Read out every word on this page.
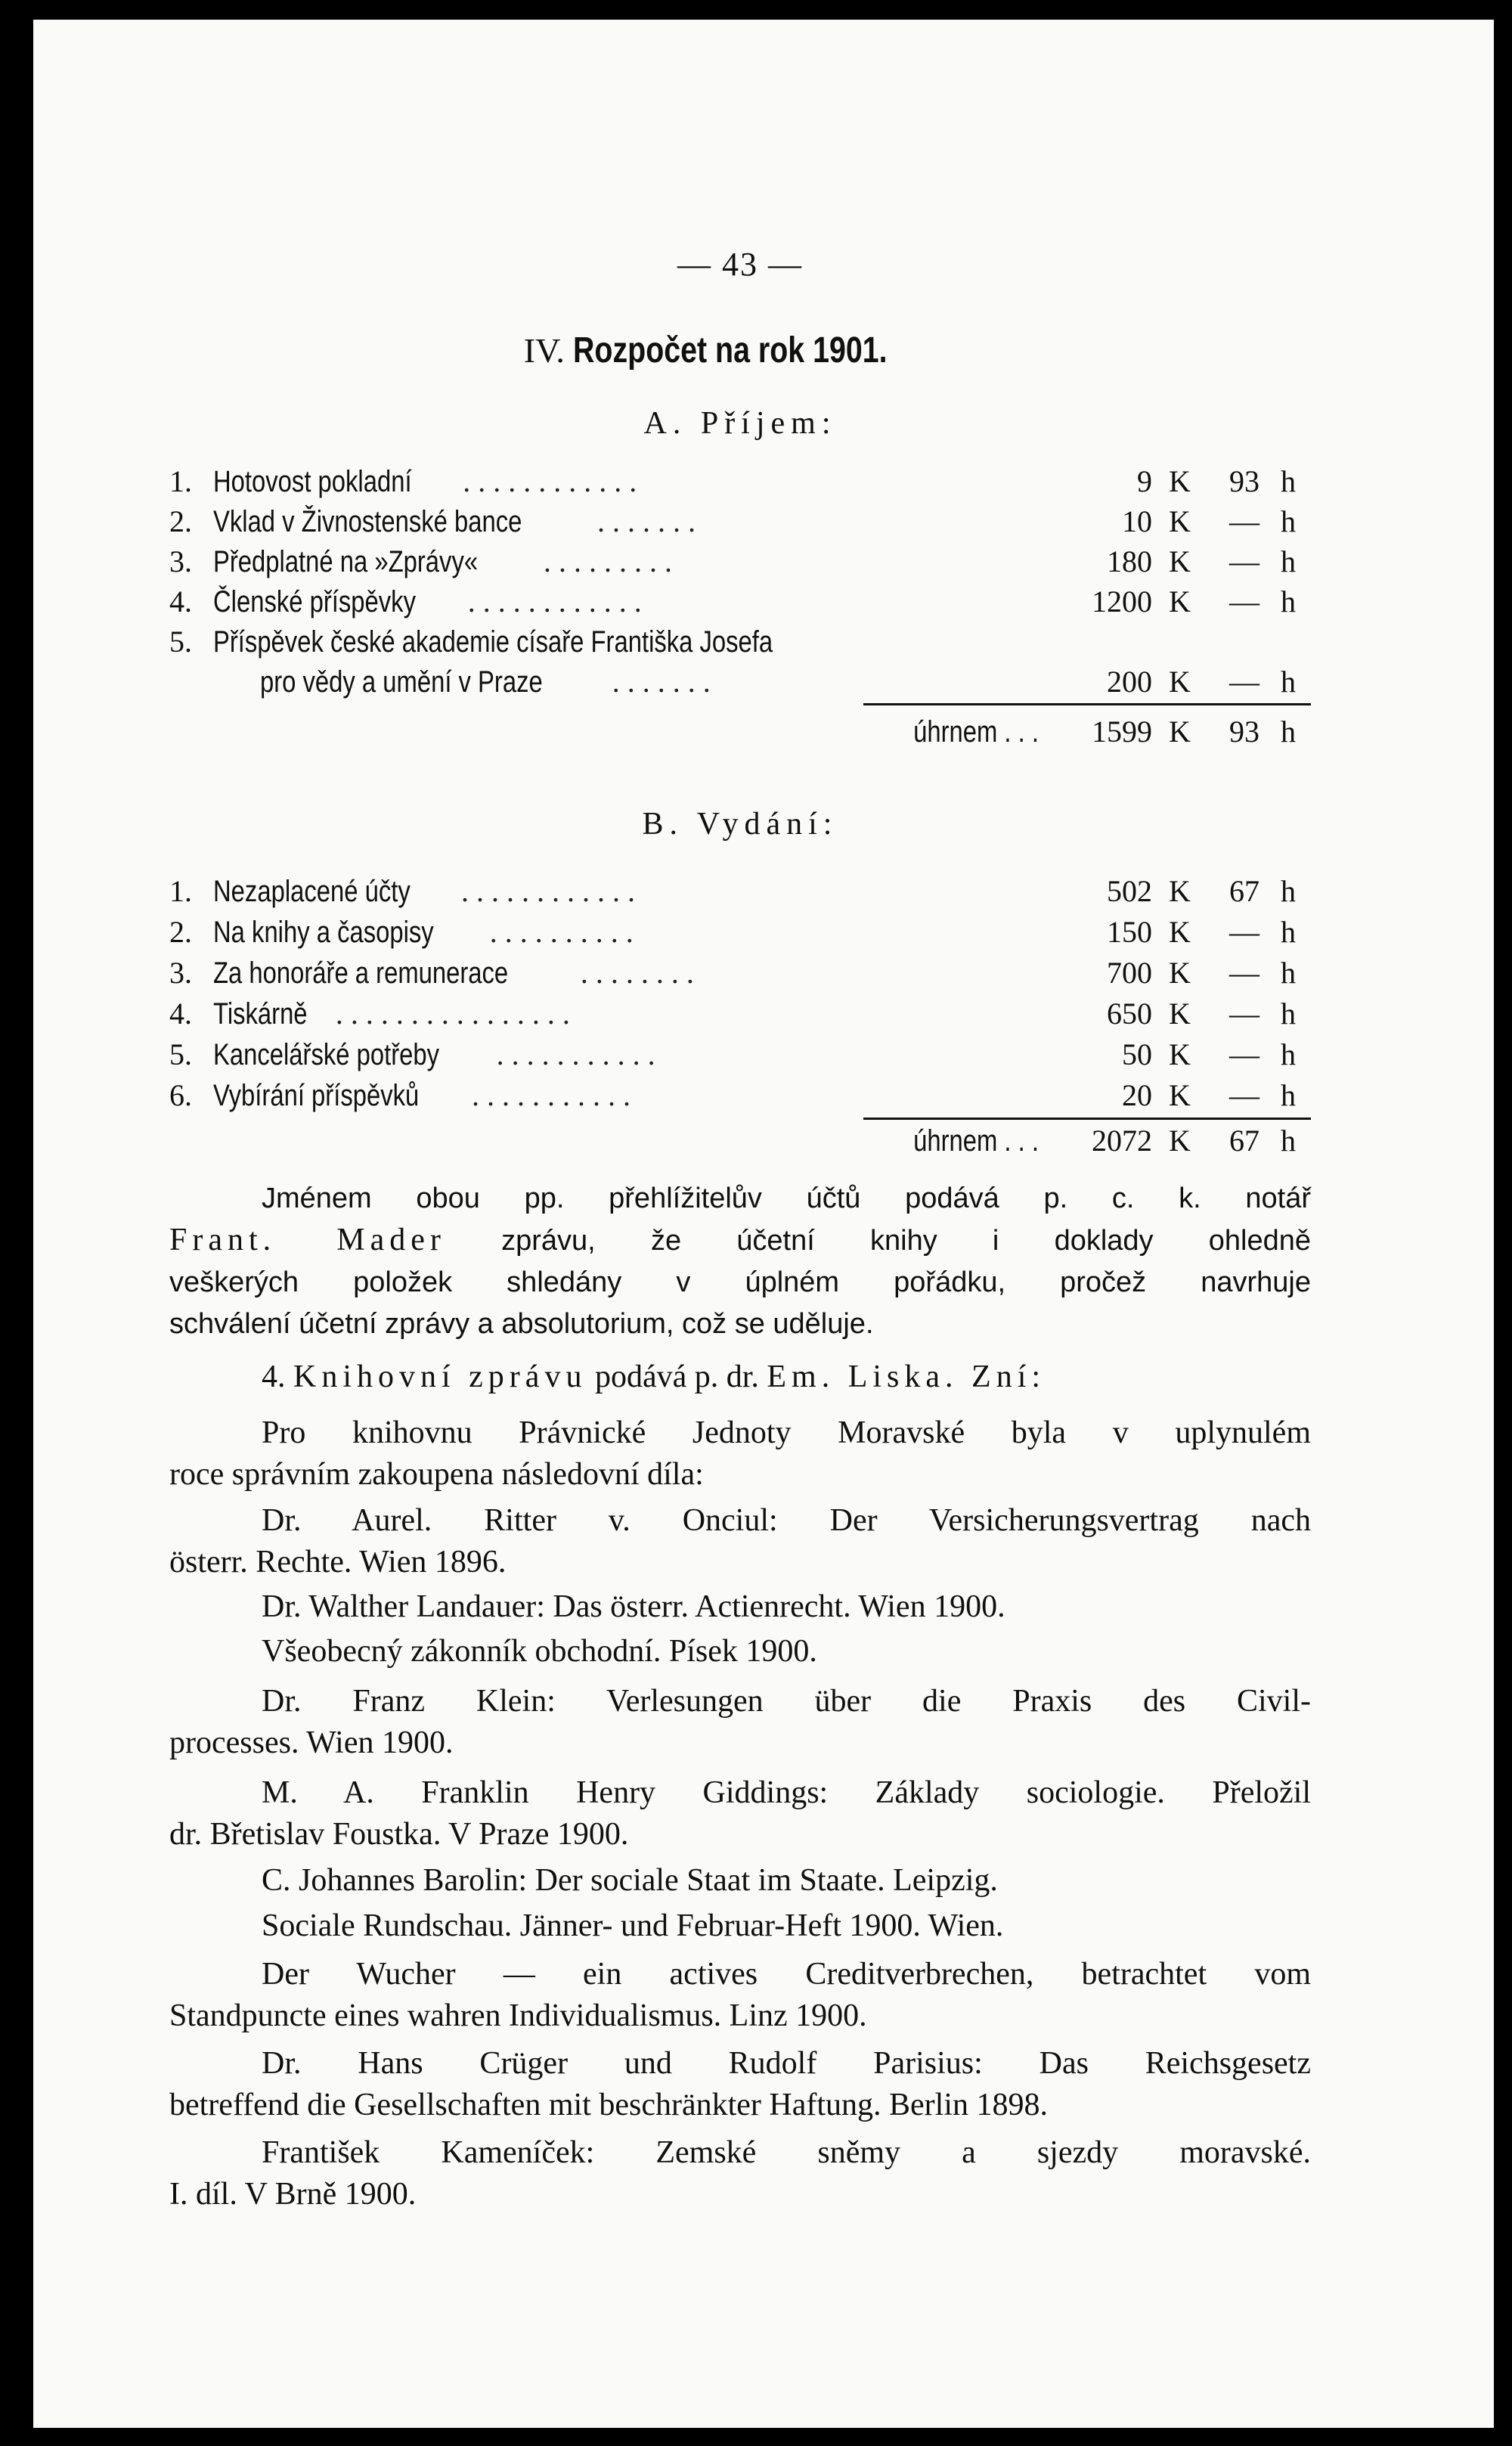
— 43 —
IV. Rozpočet na rok 1901.
A. Příjem:
1. Hotovost pokladní ............	9 K 93 h
2. Vklad v Živnostenské bance .......	10 K — h
3. Předplatné na »Zprávy« .........	180 K — h
4. Členské příspěvky ............	1200 K — h
5. Příspěvek české akademie císaře Františka Josefa
pro vědy a umění v Praze .......	200 K — h
úhrnem . . .	1599 K 93 h
B. Vydání:
1. Nezaplacené účty ............	502 K 67 h
2. Na knihy a časopisy ..........	150 K — h
3. Za honoráře a remunerace ........	700 K — h
4. Tiskárně ................	650 K — h
5. Kancelářské potřeby ...........	50 K — h
6. Vybírání příspěvků ...........	20 K — h
úhrnem . . .	2072 K 67 h
Jménem obou pp. přehlížitelův účtů podává p. c. k. notář
Frant. Mader zprávu, že účetní knihy i doklady ohledně
veškerých položek shledány v úplném pořádku, pročež navrhuje
schválení účetní zprávy a absolutorium, což se uděluje.
4. Knihovní zprávu podává p. dr. Em. Liska. Zní:
Pro knihovnu Právnické Jednoty Moravské byla v uplynulém
roce správním zakoupena následovní díla:
Dr. Aurel. Ritter v. Onciul: Der Versicherungsvertrag nach
österr. Rechte. Wien 1896.
Dr. Walther Landauer: Das österr. Actienrecht. Wien 1900.
Všeobecný zákonník obchodní. Písek 1900.
Dr. Franz Klein: Verlesungen über die Praxis des Civil-
processes. Wien 1900.
M. A. Franklin Henry Giddings: Základy sociologie. Přeložil
dr. Břetislav Foustka. V Praze 1900.
C. Johannes Barolin: Der sociale Staat im Staate. Leipzig.
Sociale Rundschau. Jänner- und Februar-Heft 1900. Wien.
Der Wucher — ein actives Creditverbrechen, betrachtet vom
Standpuncte eines wahren Individualismus. Linz 1900.
Dr. Hans Crüger und Rudolf Parisius: Das Reichsgesetz
betreffend die Gesellschaften mit beschränkter Haftung. Berlin 1898.
František Kameníček: Zemské sněmy a sjezdy moravské.
I. díl. V Brně 1900.
